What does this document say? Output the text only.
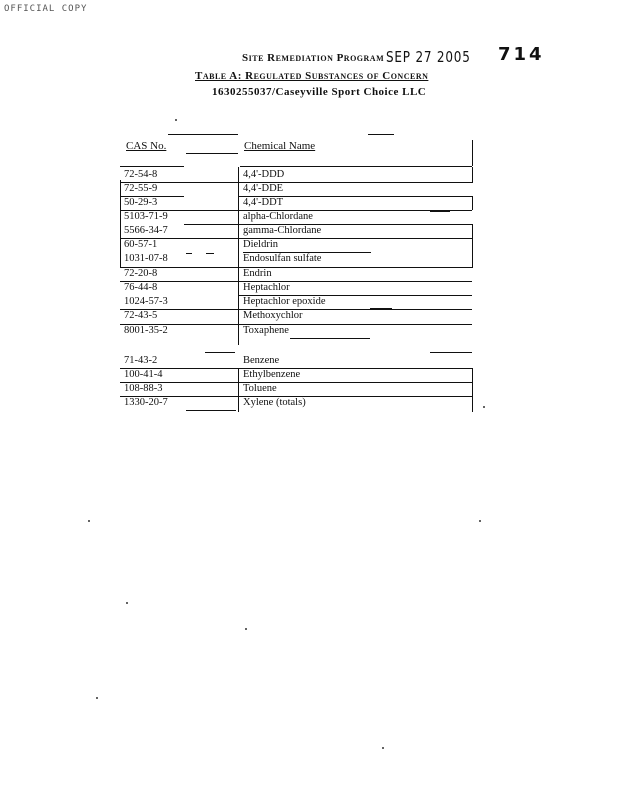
OFFICIAL COPY
Site Remediation Program SEP 27 2005 714
Table A: Regulated Substances of Concern
1630255037/Caseyville Sport Choice LLC
CAS No.	Chemical Name
72-54-8	4,4'-DDD
72-55-9	4,4'-DDE
50-29-3	4,4'-DDT
5103-71-9	alpha-Chlordane
5566-34-7	gamma-Chlordane
60-57-1	Dieldrin
1031-07-8	Endosulfan sulfate
72-20-8	Endrin
76-44-8	Heptachlor
1024-57-3	Heptachlor epoxide
72-43-5	Methoxychlor
8001-35-2	Toxaphene
71-43-2	Benzene
100-41-4	Ethylbenzene
108-88-3	Toluene
1330-20-7	Xylene (totals)
